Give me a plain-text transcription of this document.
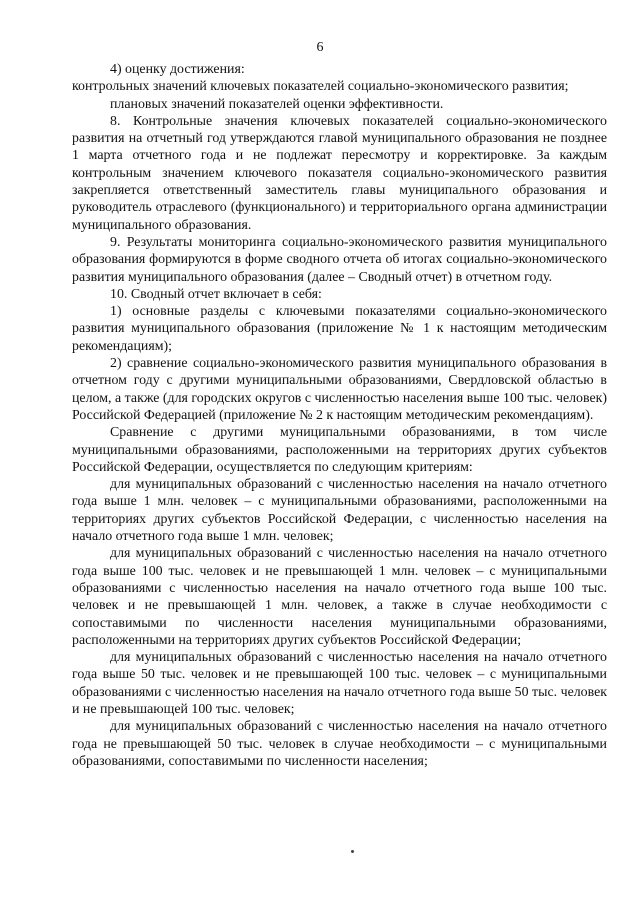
6

4) оценку достижения:

контрольных значений ключевых показателей социально-экономического развития;

плановых значений показателей оценки эффективности.

8. Контрольные значения ключевых показателей социально-экономического развития на отчетный год утверждаются главой муниципального образования не позднее 1 марта отчетного года и не подлежат пересмотру и корректировке. За каждым контрольным значением ключевого показателя социально-экономического развития закрепляется ответственный заместитель главы муниципального образования и руководитель отраслевого (функционального) и территориального органа администрации муниципального образования.

9. Результаты мониторинга социально-экономического развития муниципального образования формируются в форме сводного отчета об итогах социально-экономического развития муниципального образования (далее – Сводный отчет) в отчетном году.

10. Сводный отчет включает в себя:

1) основные разделы с ключевыми показателями социально-экономического развития муниципального образования (приложение № 1 к настоящим методическим рекомендациям);

2) сравнение социально-экономического развития муниципального образования в отчетном году с другими муниципальными образованиями, Свердловской областью в целом, а также (для городских округов с численностью населения выше 100 тыс. человек) Российской Федерацией (приложение № 2 к настоящим методическим рекомендациям).

Сравнение с другими муниципальными образованиями, в том числе муниципальными образованиями, расположенными на территориях других субъектов Российской Федерации, осуществляется по следующим критериям:

для муниципальных образований с численностью населения на начало отчетного года выше 1 млн. человек – с муниципальными образованиями, расположенными на территориях других субъектов Российской Федерации, с численностью населения на начало отчетного года выше 1 млн. человек;

для муниципальных образований с численностью населения на начало отчетного года выше 100 тыс. человек и не превышающей 1 млн. человек – с муниципальными образованиями с численностью населения на начало отчетного года выше 100 тыс. человек и не превышающей 1 млн. человек, а также в случае необходимости с сопоставимыми по численности населения муниципальными образованиями, расположенными на территориях других субъектов Российской Федерации;

для муниципальных образований с численностью населения на начало отчетного года выше 50 тыс. человек и не превышающей 100 тыс. человек – с муниципальными образованиями с численностью населения на начало отчетного года выше 50 тыс. человек и не превышающей 100 тыс. человек;

для муниципальных образований с численностью населения на начало отчетного года не превышающей 50 тыс. человек в случае необходимости – с муниципальными образованиями, сопоставимыми по численности населения;
